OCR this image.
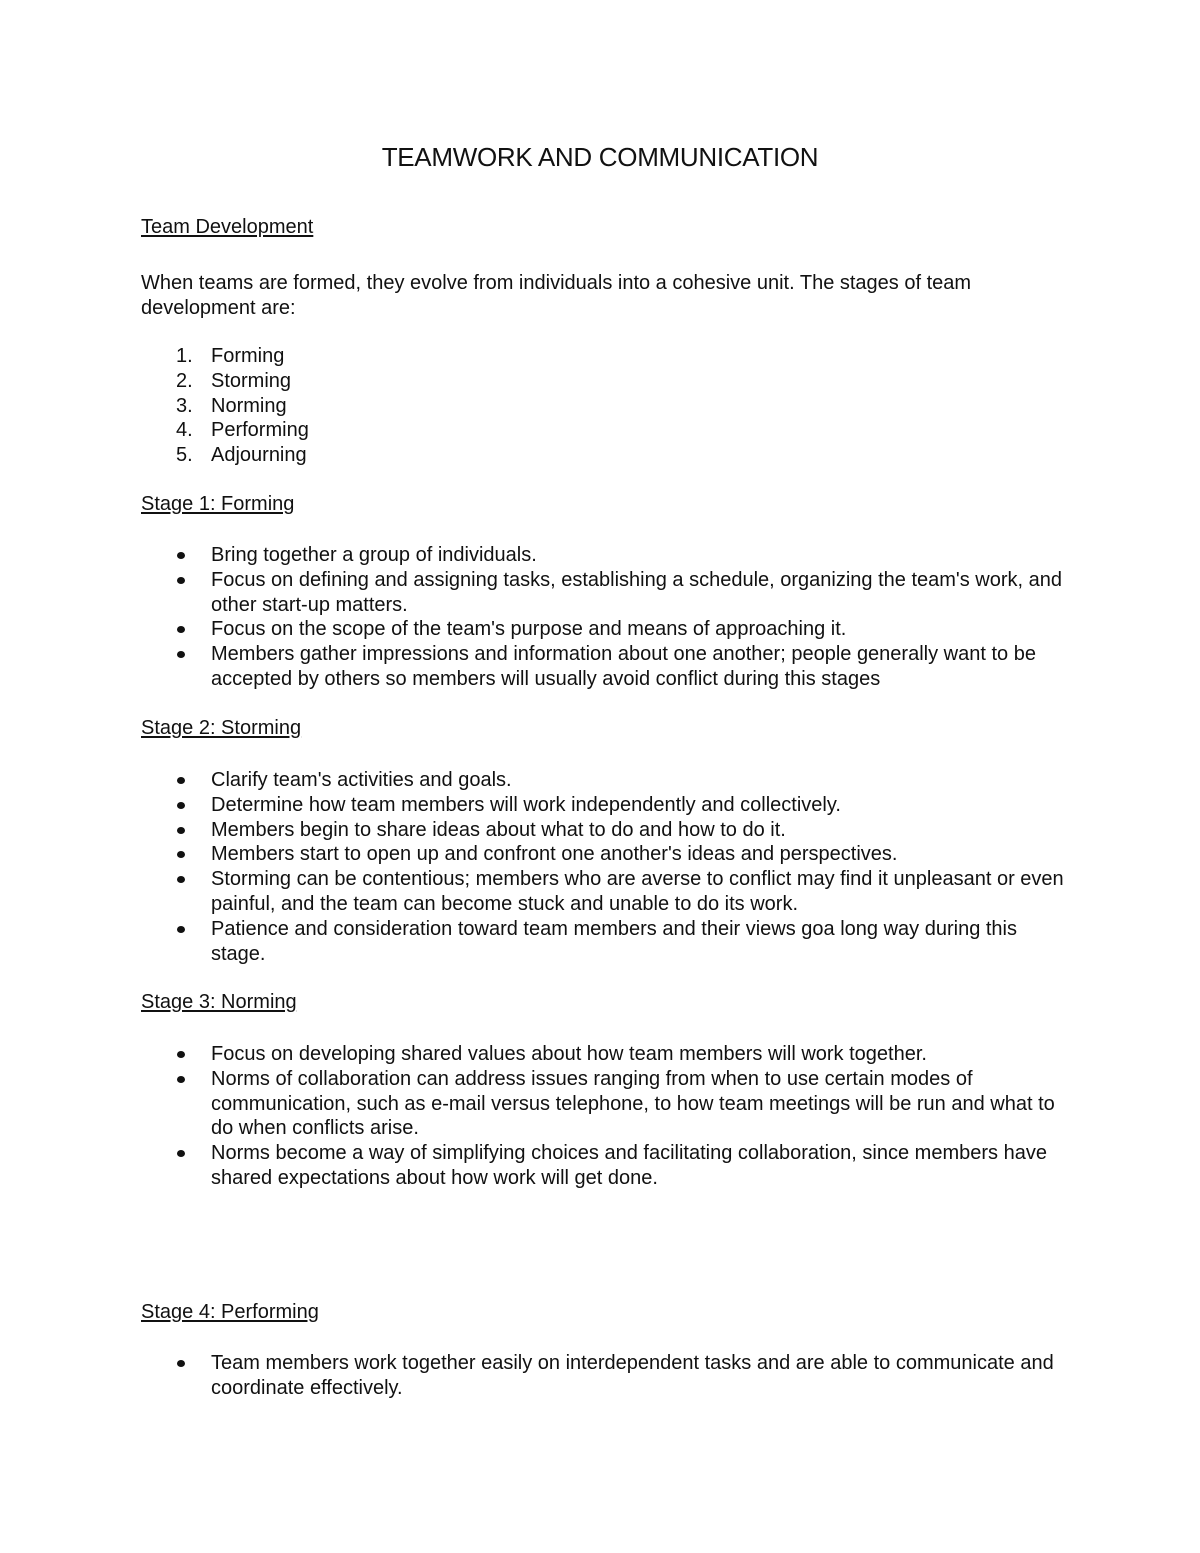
TEAMWORK AND COMMUNICATION
Team Development

When teams are formed, they evolve from individuals into a cohesive unit. The stages of team development are:

1. Forming
2. Storming
3. Norming
4. Performing
5. Adjourning
Stage 1: Forming
Bring together a group of individuals.
Focus on defining and assigning tasks, establishing a schedule, organizing the team's work, and other start-up matters.
Focus on the scope of the team's purpose and means of approaching it.
Members gather impressions and information about one another; people generally want to be accepted by others so members will usually avoid conflict during this stages
Stage 2: Storming
Clarify team's activities and goals.
Determine how team members will work independently and collectively.
Members begin to share ideas about what to do and how to do it.
Members start to open up and confront one another's ideas and perspectives.
Storming can be contentious; members who are averse to conflict may find it unpleasant or even painful, and the team can become stuck and unable to do its work.
Patience and consideration toward team members and their views goa long way during this stage.
Stage 3: Norming
Focus on developing shared values about how team members will work together.
Norms of collaboration can address issues ranging from when to use certain modes of communication, such as e-mail versus telephone, to how team meetings will be run and what to do when conflicts arise.
Norms become a way of simplifying choices and facilitating collaboration, since members have shared expectations about how work will get done.
Stage 4: Performing
Team members work together easily on interdependent tasks and are able to communicate and coordinate effectively.
